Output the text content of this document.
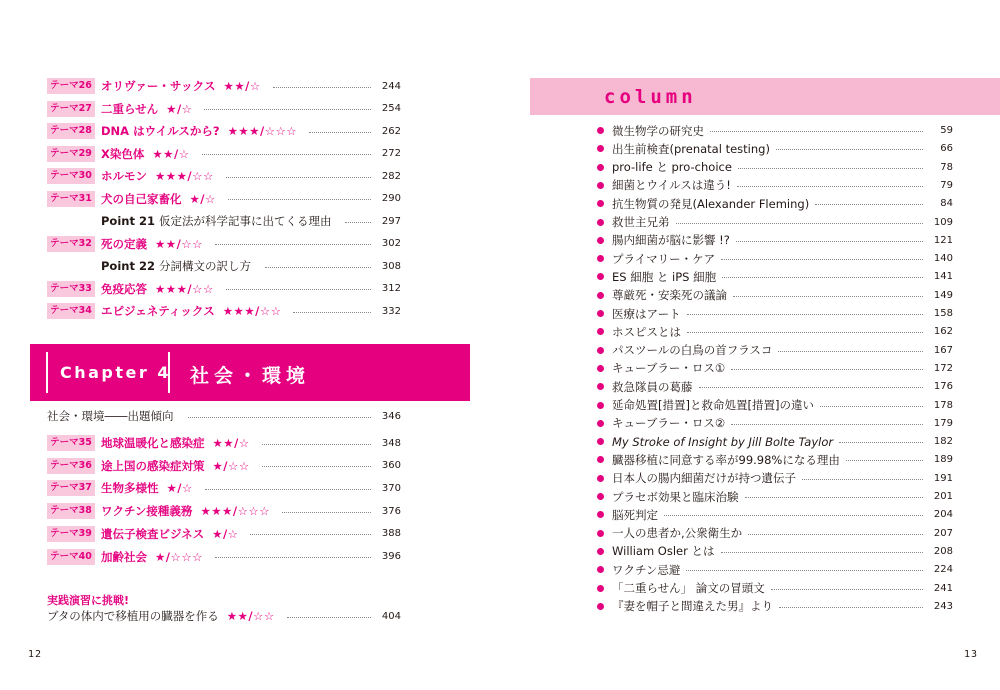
テーマ26 オリヴァー・サックス ★★/☆	244
テーマ27 二重らせん ★/☆	254
テーマ28 DNA はウイルスから? ★★★/☆☆☆	262
テーマ29 X染色体 ★★/☆	272
テーマ30 ホルモン ★★★/☆☆	282
テーマ31 犬の自己家畜化 ★/☆	290
Point 21 仮定法が科学記事に出てくる理由	297
テーマ32 死の定義 ★★/☆☆	302
Point 22 分詞構文の訳し方	308
テーマ33 免疫応答 ★★★/☆☆	312
テーマ34 エピジェネティックス ★★★/☆☆	332
Chapter 4 社会・環境
社会・環境――出題傾向	346
テーマ35 地球温暖化と感染症 ★★/☆	348
テーマ36 途上国の感染症対策 ★/☆☆	360
テーマ37 生物多様性 ★/☆	370
テーマ38 ワクチン接種義務 ★★★/☆☆☆	376
テーマ39 遺伝子検査ビジネス ★/☆	388
テーマ40 加齢社会 ★/☆☆☆	396
実践演習に挑戦!
ブタの体内で移植用の臓器を作る ★★/☆☆	404
12
column
微生物学の研究史	59
出生前検査(prenatal testing)	66
pro-life と pro-choice	78
細菌とウイルスは違う!	79
抗生物質の発見(Alexander Fleming)	84
救世主兄弟	109
腸内細菌が脳に影響 !?	121
プライマリー・ケア	140
ES 細胞 と iPS 細胞	141
尊厳死・安楽死の議論	149
医療はアート	158
ホスピスとは	162
パスツールの白鳥の首フラスコ	167
キューブラー・ロス①	172
救急隊員の葛藤	176
延命処置[措置]と救命処置[措置]の違い	178
キューブラー・ロス②	179
My Stroke of Insight by Jill Bolte Taylor	182
臓器移植に同意する率が99.98%になる理由	189
日本人の腸内細菌だけが持つ遺伝子	191
プラセボ効果と臨床治験	201
脳死判定	204
一人の患者か,公衆衛生か	207
William Osler とは	208
ワクチン忌避	224
「二重らせん」 論文の冒頭文	241
『妻を帽子と間違えた男』より	243
13
